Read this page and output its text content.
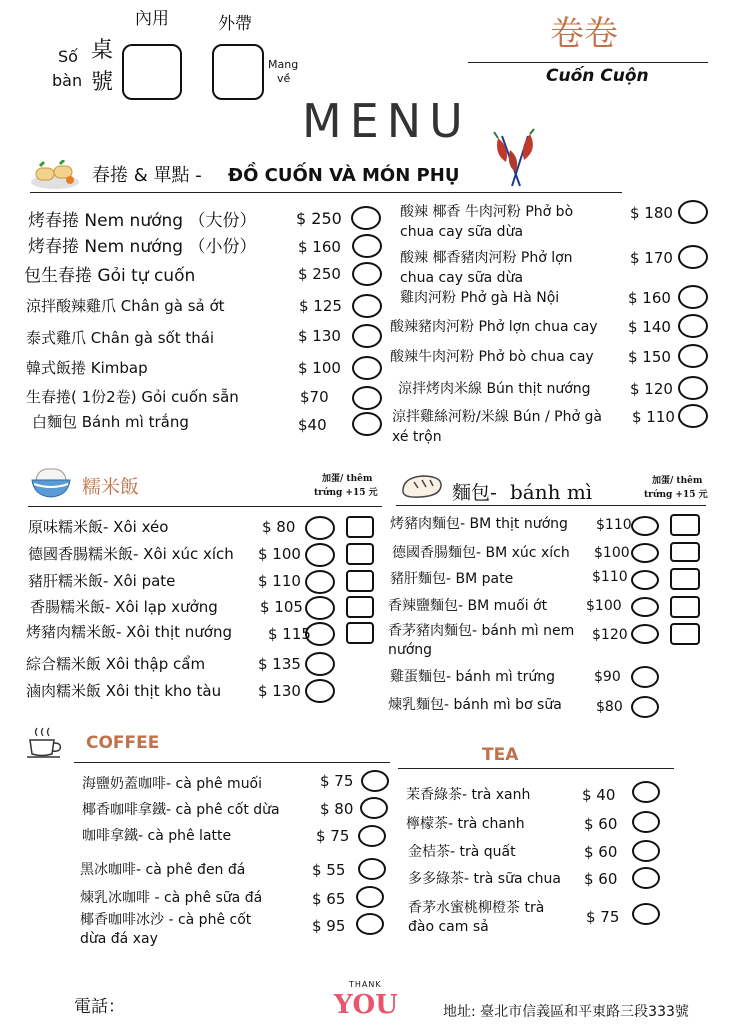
內用	外帶
Số
bàn
桌
號
Mang
về
卷卷
Cuốn Cuộn
MENU
春捲 & 單點 - ĐỒ CUỐN VÀ MÓN PHỤ
烤春捲 Nem nướng （大份） $ 250
烤春捲 Nem nướng （小份）	$ 160
包生春捲 Gỏi tự cuốn	$ 250
涼拌酸辣雞爪 Chân gà sả ớt	$ 125
泰式雞爪 Chân gà sốt thái	$ 130
韓式飯捲 Kimbap	$ 100
生春捲( 1份2卷) Gỏi cuốn sẵn	$70
白麵包 Bánh mì trắng	$40
酸辣 椰香 牛肉河粉 Phở bò chua cay sữa dừa
$ 180
酸辣 椰香豬肉河粉 Phở lợn chua cay sữa dừa
$ 170
雞肉河粉 Phở gà Hà Nội	$ 160
酸辣豬肉河粉 Phở lợn chua cay $ 140
酸辣牛肉河粉 Phở bò chua cay $ 150
涼拌烤肉米線 Bún thịt nướng	$ 120
涼拌雞絲河粉/米線 Bún / Phở gà xé trộn
$ 110
糯米飯	加蛋/ thêm
trứng +15 元
原味糯米飯- Xôi xéo	$ 80
德國香腸糯米飯- Xôi xúc xích $ 100
豬肝糯米飯- Xôi pate	$ 110
香腸糯米飯- Xôi lạp xưởng	$ 105
烤豬肉糯米飯- Xôi thịt nướng $ 115
綜合糯米飯 Xôi thập cẩm	$ 135
滷肉糯米飯 Xôi thịt kho tàu $ 130
麵包- bánh mì	加蛋/ thêm
trứng +15 元
烤豬肉麵包- BM thịt nướng $110
德國香腸麵包- BM xúc xích $100
豬肝麵包- BM pate	$110
香辣鹽麵包- BM muối ớt	$100
香茅豬肉麵包- bánh mì nem nướng
$120
雞蛋麵包- bánh mì trứng	$90
煉乳麵包- bánh mì bơ sữa	$80
COFFEE
海鹽奶蓋咖啡- cà phê muối	$ 75
椰香咖啡拿鐵- cà phê cốt dừa	$ 80
咖啡拿鐵- cà phê latte	$ 75
黑冰咖啡- cà phê đen đá	$ 55
煉乳冰咖啡 - cà phê sữa đá	$ 65
椰香咖啡冰沙 - cà phê cốt dừa đá xay
$ 95
TEA
茉香綠茶- trà xanh	$ 40
檸檬茶- trà chanh	$ 60
金桔茶- trà quất	$ 60
多多綠茶- trà sữa chua $ 60
香茅水蜜桃柳橙茶 trà đào cam sả
$ 75
電話：
THANK
YOU	地址: 臺北市信義區和平東路三段333號
